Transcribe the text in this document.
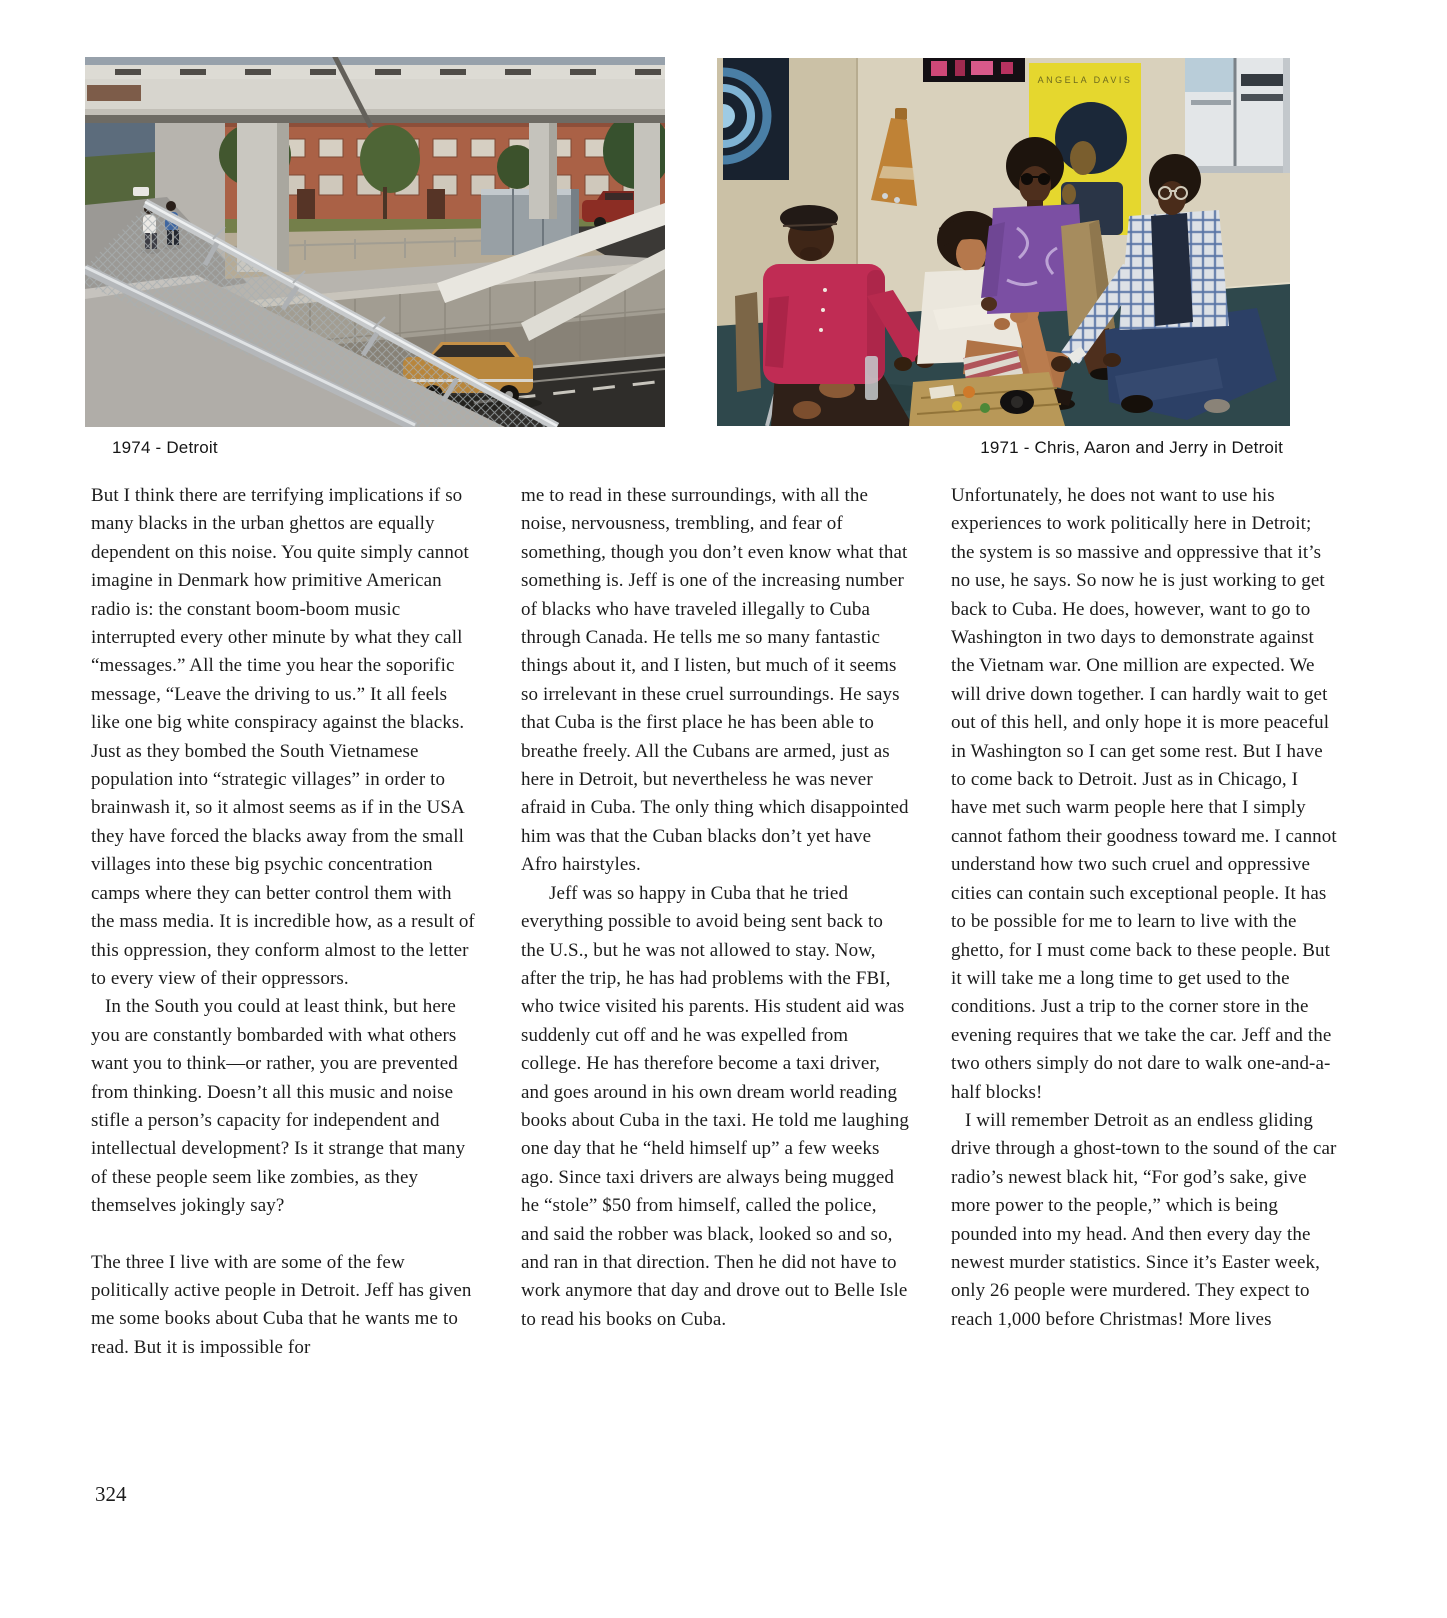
ANGELA DAVIS
1974 - Detroit	1971 - Chris, Aaron and Jerry in Detroit

But I think there are terrifying implications if so many blacks in the urban ghettos are equally dependent on this noise. You quite simply cannot imagine in Denmark how primitive American radio is: the constant boom-boom music interrupted every other minute by what they call “messages.” All the time you hear the soporific message, “Leave the driving to us.” It all feels like one big white conspiracy against the blacks. Just as they bombed the South Vietnamese population into “strategic villages” in order to brainwash it, so it almost seems as if in the USA they have forced the blacks away from the small villages into these big psychic concentration camps where they can better control them with the mass media. It is incredible how, as a result of this oppression, they conform almost to the letter to every view of their oppressors.

In the South you could at least think, but here you are constantly bombarded with what others want you to think—or rather, you are prevented from thinking. Doesn’t all this music and noise stifle a person’s capacity for independent and intellectual development? Is it strange that many of these people seem like zombies, as they themselves jokingly say?

The three I live with are some of the few politically active people in Detroit. Jeff has given me some books about Cuba that he wants me to read. But it is impossible for

me to read in these surroundings, with all the noise, nervousness, trembling, and fear of something, though you don’t even know what that something is. Jeff is one of the increasing number of blacks who have traveled illegally to Cuba through Canada. He tells me so many fantastic things about it, and I listen, but much of it seems so irrelevant in these cruel surroundings. He says that Cuba is the first place he has been able to breathe freely. All the Cubans are armed, just as here in Detroit, but nevertheless he was never afraid in Cuba. The only thing which disappointed him was that the Cuban blacks don’t yet have Afro hairstyles.

Jeff was so happy in Cuba that he tried everything possible to avoid being sent back to the U.S., but he was not allowed to stay. Now, after the trip, he has had problems with the FBI, who twice visited his parents. His student aid was suddenly cut off and he was expelled from college. He has therefore become a taxi driver, and goes around in his own dream world reading books about Cuba in the taxi. He told me laughing one day that he “held himself up” a few weeks ago. Since taxi drivers are always being mugged he “stole” $50 from himself, called the police, and said the robber was black, looked so and so, and ran in that direction. Then he did not have to work anymore that day and drove out to Belle Isle to read his books on Cuba.

Unfortunately, he does not want to use his experiences to work politically here in Detroit; the system is so massive and oppressive that it’s no use, he says. So now he is just working to get back to Cuba. He does, however, want to go to Washington in two days to demonstrate against the Vietnam war. One million are expected. We will drive down together. I can hardly wait to get out of this hell, and only hope it is more peaceful in Washington so I can get some rest. But I have to come back to Detroit. Just as in Chicago, I have met such warm people here that I simply cannot fathom their goodness toward me. I cannot understand how two such cruel and oppressive cities can contain such exceptional people. It has to be possible for me to learn to live with the ghetto, for I must come back to these people. But it will take me a long time to get used to the conditions. Just a trip to the corner store in the evening requires that we take the car. Jeff and the two others simply do not dare to walk one-and-a-half blocks!

I will remember Detroit as an endless gliding drive through a ghost-town to the sound of the car radio’s newest black hit, “For god’s sake, give more power to the people,” which is being pounded into my head. And then every day the newest murder statistics. Since it’s Easter week, only 26 people were murdered. They expect to reach 1,000 before Christmas! More lives

324
